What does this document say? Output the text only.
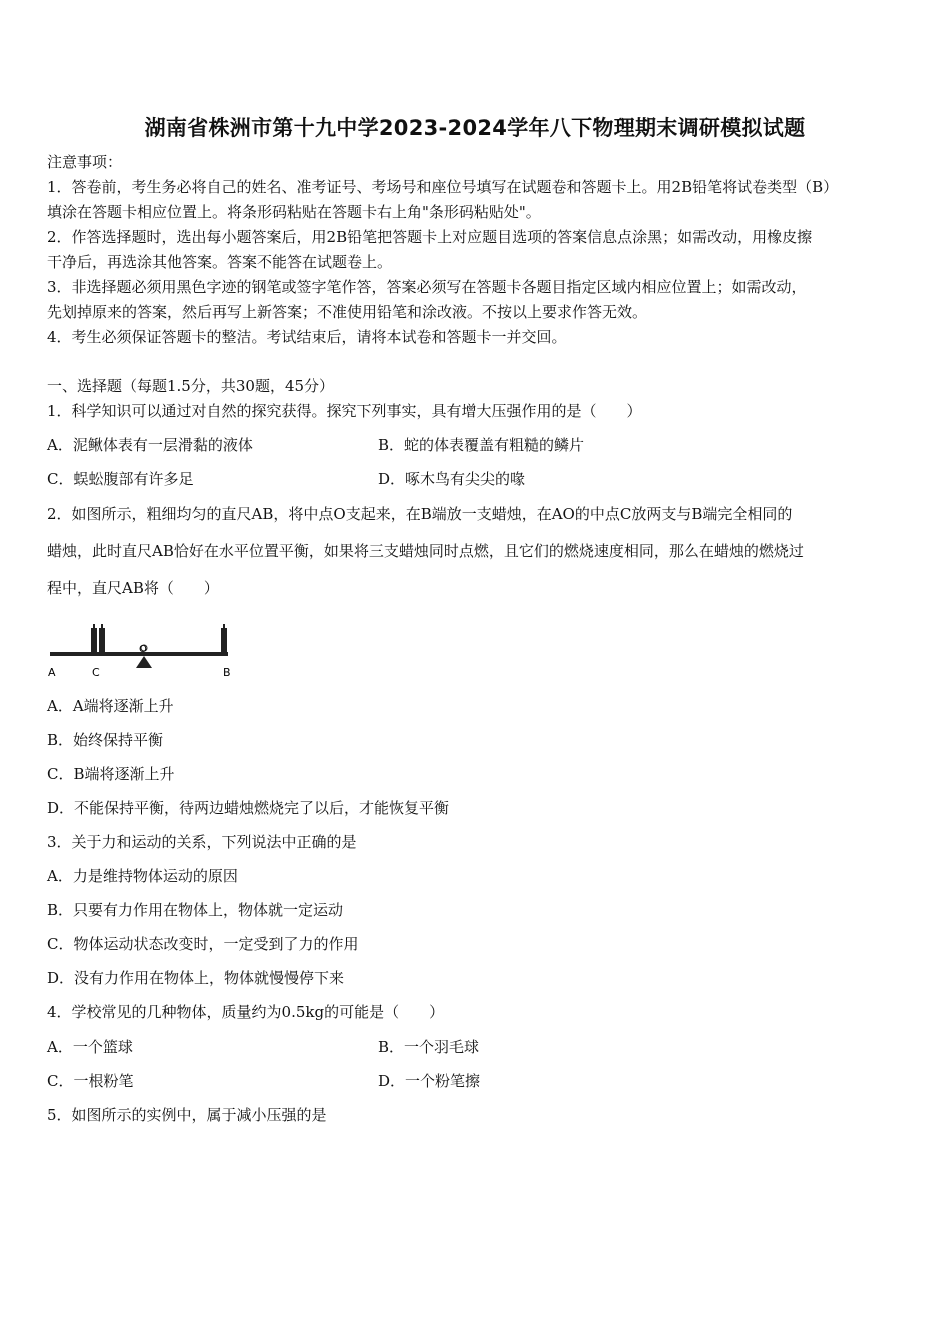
湖南省株洲市第十九中学2023-2024学年八下物理期末调研模拟试题
注意事项：
1．答卷前，考生务必将自己的姓名、准考证号、考场号和座位号填写在试题卷和答题卡上。用2B铅笔将试卷类型（B）
填涂在答题卡相应位置上。将条形码粘贴在答题卡右上角"条形码粘贴处"。
2．作答选择题时，选出每小题答案后，用2B铅笔把答题卡上对应题目选项的答案信息点涂黑；如需改动，用橡皮擦
干净后，再选涂其他答案。答案不能答在试题卷上。
3．非选择题必须用黑色字迹的钢笔或签字笔作答，答案必须写在答题卡各题目指定区域内相应位置上；如需改动，
先划掉原来的答案，然后再写上新答案；不准使用铅笔和涂改液。不按以上要求作答无效。
4．考生必须保证答题卡的整洁。考试结束后，请将本试卷和答题卡一并交回。
一、选择题（每题1.5分，共30题，45分）
1．科学知识可以通过对自然的探究获得。探究下列事实，具有增大压强作用的是（　　）
A．泥鳅体表有一层滑黏的液体	B．蛇的体表覆盖有粗糙的鳞片
C．蜈蚣腹部有许多足	D．啄木鸟有尖尖的喙
2．如图所示，粗细均匀的直尺AB，将中点O支起来，在B端放一支蜡烛，在AO的中点C放两支与B端完全相同的
蜡烛，此时直尺AB恰好在水平位置平衡，如果将三支蜡烛同时点燃，且它们的燃烧速度相同，那么在蜡烛的燃烧过
程中，直尺AB将（　　）
A	C
O
B
A．A端将逐渐上升
B．始终保持平衡
C．B端将逐渐上升
D．不能保持平衡，待两边蜡烛燃烧完了以后，才能恢复平衡
3．关于力和运动的关系，下列说法中正确的是
A．力是维持物体运动的原因
B．只要有力作用在物体上，物体就一定运动
C．物体运动状态改变时，一定受到了力的作用
D．没有力作用在物体上，物体就慢慢停下来
4．学校常见的几种物体，质量约为0.5kg的可能是（　　）
A．一个篮球	B．一个羽毛球
C．一根粉笔	D．一个粉笔擦
5．如图所示的实例中，属于减小压强的是
